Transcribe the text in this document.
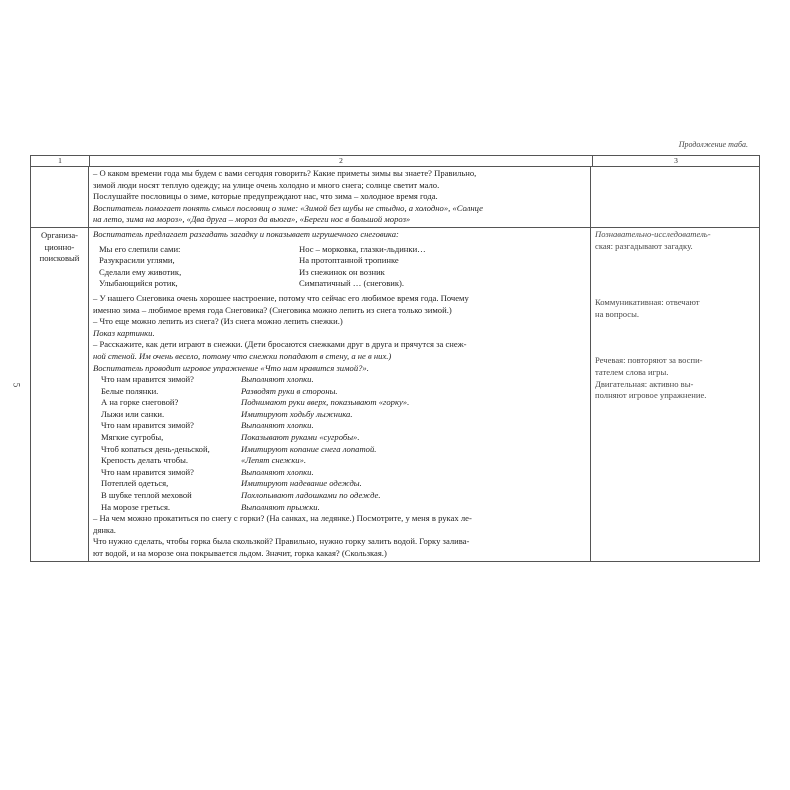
Продолжение таба.
5
1	2	3
– О каком времени года мы будем с вами сегодня говорить? Какие приметы зимы вы знаете? Правильно,
зимой люди носят теплую одежду; на улице очень холодно и много снега; солнце светит мало.
Послушайте пословицы о зиме, которые предупреждают нас, что зима – холодное время года.
Воспитатель помогает понять смысл пословиц о зиме: «Зимой без шубы не стыдно, а холодно», «Солнце
на лето, зима на мороз», «Два друга – мороз да вьюга», «Береги нос в большой мороз»
Организа-
ционно-
поисковый
Воспитатель предлагает разгадать загадку и показывает игрушечного снеговика:
Мы его слепили сами:
Разукрасили углями,
Сделали ему животик,
Улыбающийся ротик,
Нос – морковка, глазки-льдинки…
На протоптанной тропинке
Из снежинок он возник
Симпатичный … (снеговик).
– У нашего Снеговика очень хорошее настроение, потому что сейчас его любимое время года. Почему
именно зима – любимое время года Снеговика? (Снеговика можно лепить из снега только зимой.)
– Что еще можно лепить из снега? (Из снега можно лепить снежки.)
Показ картинки.
– Расскажите, как дети играют в снежки. (Дети бросаются снежками друг в друга и прячутся за снеж-
ной стеной. Им очень весело, потому что снежки попадают в стену, а не в них.)
Воспитатель проводит игровое упражнение «Что нам нравится зимой?».
Что нам нравится зимой?
Белые полянки.
А на горке снеговой?
Лыжи или санки.
Что нам нравится зимой?
Мягкие сугробы,
Чтоб копаться день-деньской,
Крепость делать чтобы.
Что нам нравится зимой?
Потеплей одеться,
В шубке теплой меховой
На морозе греться.
Выполняют хлопки.
Разводят руки в стороны.
Поднимают руки вверх, показывают «горку».
Имитируют ходьбу лыжника.
Выполняют хлопки.
Показывают руками «сугробы».
Имитируют копание снега лопатой.
«Лепят снежки».
Выполняют хлопки.
Имитируют надевание одежды.
Похлопывают ладошками по одежде.
Выполняют прыжки.
– На чем можно прокатиться по снегу с горки? (На санках, на ледянке.) Посмотрите, у меня в руках ле-
дянка.
Что нужно сделать, чтобы горка была скользкой? Правильно, нужно горку залить водой. Горку залива-
ют водой, и на морозе она покрывается льдом. Значит, горка какая? (Скользкая.)
Познавательно-исследователь-
ская: разгадывают загадку.
Коммуникативная: отвечают
на вопросы.
Речевая: повторяют за воспи-
тателем слова игры.
Двигательная: активно вы-
полняют игровое упражнение.
